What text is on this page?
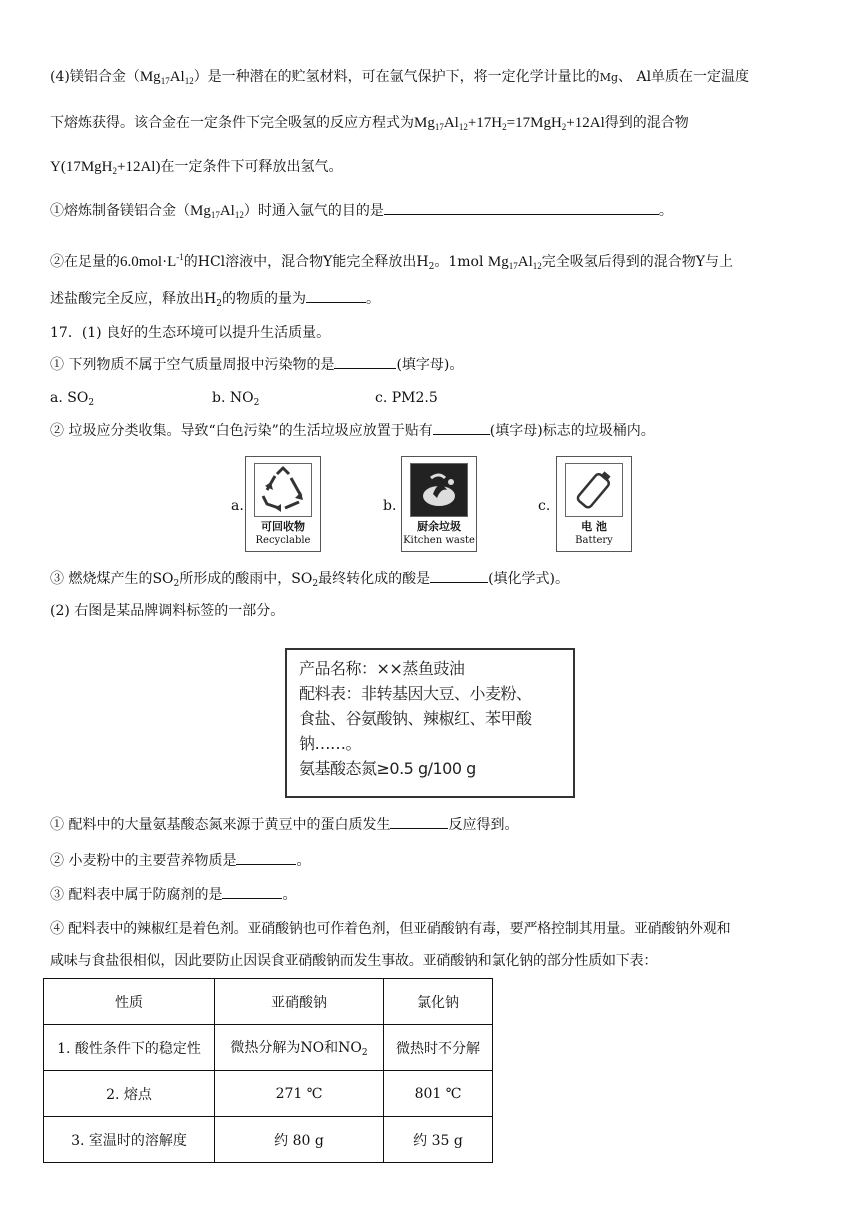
(4)镁铝合金$(Mg_{17}Al_{12})$是一种潜在的贮氢材料，可在氩气保护下，将一定化学计量比的Mg、 Al单质在一定温度
下熔炼获得。该合金在一定条件下完全吸氢的反应方程式为$Mg_{17}Al_{12}+17H_2=17MgH_2+12Al$得到的混合物
Y(17MgH$_2$+12Al)在一定条件下可释放出氢气。
①熔炼制备镁铝合金$(Mg_{17}Al_{12})$时通入氩气的目的是	。
②在足量的$6.0mol\cdot L^{-1}$的HCl溶液中，混合物Y能完全释放出$H_2$。1mol $Mg_{17}Al_{12}$完全吸氢后得到的混合物Y与上
述盐酸完全反应，释放出$H_2$的物质的量为	。
17．(1) 良好的生态环境可以提升生活质量。
① 下列物质不属于空气质量周报中污染物的是	(填字母)。
a. $SO_2$	b. $NO_2$	c. PM2.5
② 垃圾应分类收集。导致“白色污染”的生活垃圾应放置于贴有	(填字母)标志的垃圾桶内。
a.
可回收物
Recyclable
b.
厨余垃圾
Kitchen waste
c.
电 池
Battery
③ 燃烧煤产生的$SO_2$所形成的酸雨中，$SO_2$最终转化成的酸是	(填化学式)。
(2) 右图是某品牌调料标签的一部分。
产品名称：××蒸鱼豉油
配料表：非转基因大豆、小麦粉、
食盐、谷氨酸钠、辣椒红、苯甲酸
钠……。
氨基酸态氮≥0.5 g/100 g
① 配料中的大量氨基酸态氮来源于黄豆中的蛋白质发生	反应得到。
② 小麦粉中的主要营养物质是	。
③ 配料表中属于防腐剂的是	。
④ 配料表中的辣椒红是着色剂。亚硝酸钠也可作着色剂，但亚硝酸钠有毒，要严格控制其用量。亚硝酸钠外观和
咸味与食盐很相似，因此要防止因误食亚硝酸钠而发生事故。亚硝酸钠和氯化钠的部分性质如下表：
性质	亚硝酸钠	氯化钠
1. 酸性条件下的稳定性	微热分解为NO和$NO_2$	微热时不分解
2. 熔点	271 ℃	801 ℃
3. 室温时的溶解度	约 80 g	约 35 g
